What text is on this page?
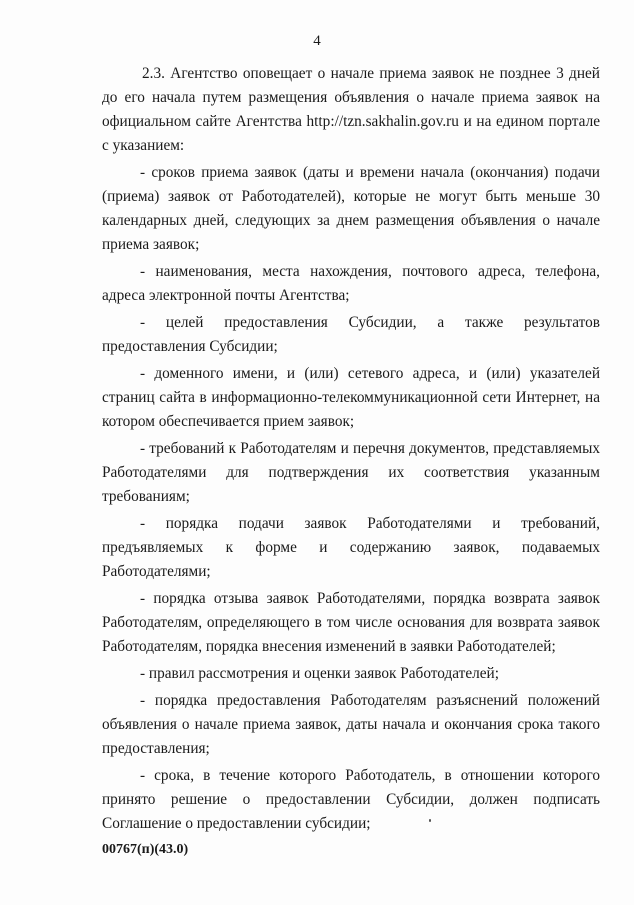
4

2.3. Агентство оповещает о начале приема заявок не позднее 3 дней до его начала путем размещения объявления о начале приема заявок на официальном сайте Агентства http://tzn.sakhalin.gov.ru и на едином портале с указанием:

- сроков приема заявок (даты и времени начала (окончания) подачи (приема) заявок от Работодателей), которые не могут быть меньше 30 календарных дней, следующих за днем размещения объявления о начале приема заявок;

- наименования, места нахождения, почтового адреса, телефона, адреса электронной почты Агентства;

- целей предоставления Субсидии, а также результатов предоставления Субсидии;

- доменного имени, и (или) сетевого адреса, и (или) указателей страниц сайта в информационно-телекоммуникационной сети Интернет, на котором обеспечивается прием заявок;

- требований к Работодателям и перечня документов, представляемых Работодателями для подтверждения их соответствия указанным требованиям;

- порядка подачи заявок Работодателями и требований, предъявляемых к форме и содержанию заявок, подаваемых Работодателями;

- порядка отзыва заявок Работодателями, порядка возврата заявок Работодателям, определяющего в том числе основания для возврата заявок Работодателям, порядка внесения изменений в заявки Работодателей;

- правил рассмотрения и оценки заявок Работодателей;

- порядка предоставления Работодателям разъяснений положений объявления о начале приема заявок, даты начала и окончания срока такого предоставления;

- срока, в течение которого Работодатель, в отношении которого принято решение о предоставлении Субсидии, должен подписать Соглашение о предоставлении субсидии;

00767(п)(43.0)
